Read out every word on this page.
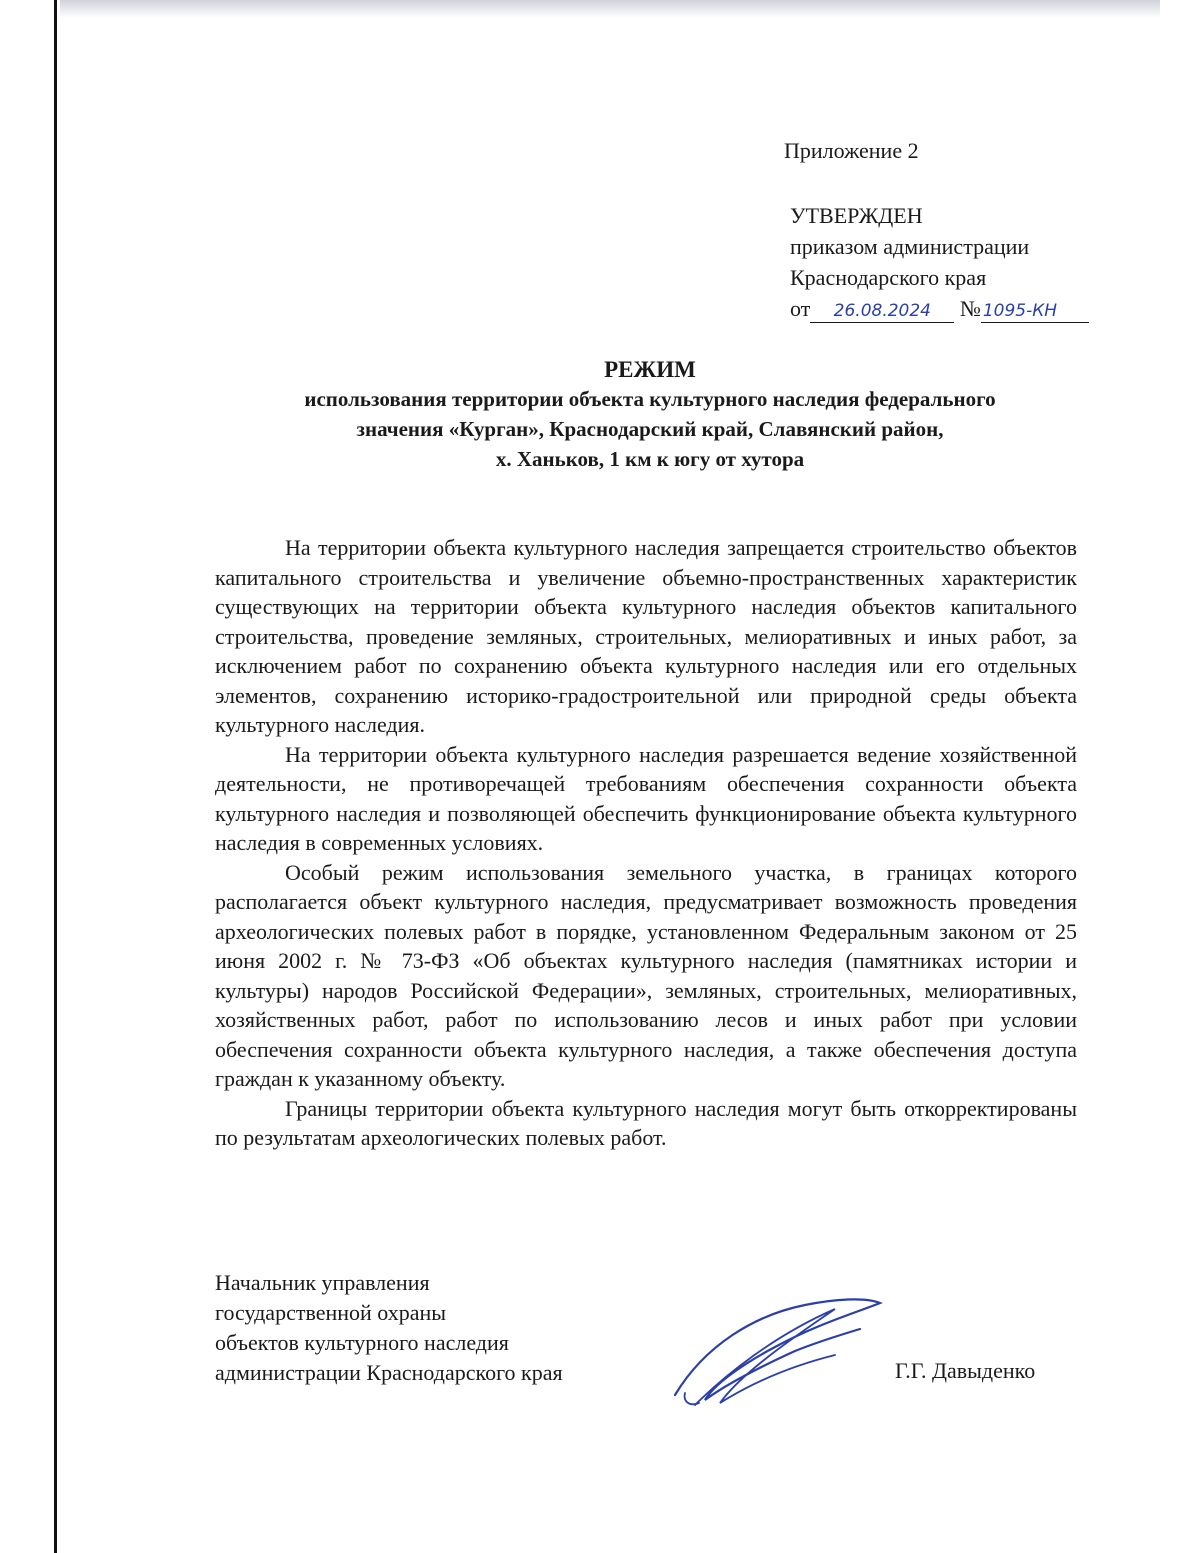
Приложение 2
УТВЕРЖДЕН
приказом администрации
Краснодарского края
от 26.08.2024 № 1095-КН
РЕЖИМ
использования территории объекта культурного наследия федерального
значения «Курган», Краснодарский край, Славянский район,
х. Ханьков, 1 км к югу от хутора

На территории объекта культурного наследия запрещается строительство объектов капитального строительства и увеличение объемно-пространственных характеристик существующих на территории объекта культурного наследия объектов капитального строительства, проведение земляных, строительных, мелиоративных и иных работ, за исключением работ по сохранению объекта культурного наследия или его отдельных элементов, сохранению историко-градостроительной или природной среды объекта культурного наследия.

На территории объекта культурного наследия разрешается ведение хозяйственной деятельности, не противоречащей требованиям обеспечения сохранности объекта культурного наследия и позволяющей обеспечить функционирование объекта культурного наследия в современных условиях.

Особый режим использования земельного участка, в границах которого располагается объект культурного наследия, предусматривает возможность проведения археологических полевых работ в порядке, установленном Федеральным законом от 25 июня 2002 г. № 73-ФЗ «Об объектах культурного наследия (памятниках истории и культуры) народов Российской Федерации», земляных, строительных, мелиоративных, хозяйственных работ, работ по использованию лесов и иных работ при условии обеспечения сохранности объекта культурного наследия, а также обеспечения доступа граждан к указанному объекту.

Границы территории объекта культурного наследия могут быть откорректированы по результатам археологических полевых работ.

Начальник управления
государственной охраны
объектов культурного наследия
администрации Краснодарского края	Г.Г. Давыденко
